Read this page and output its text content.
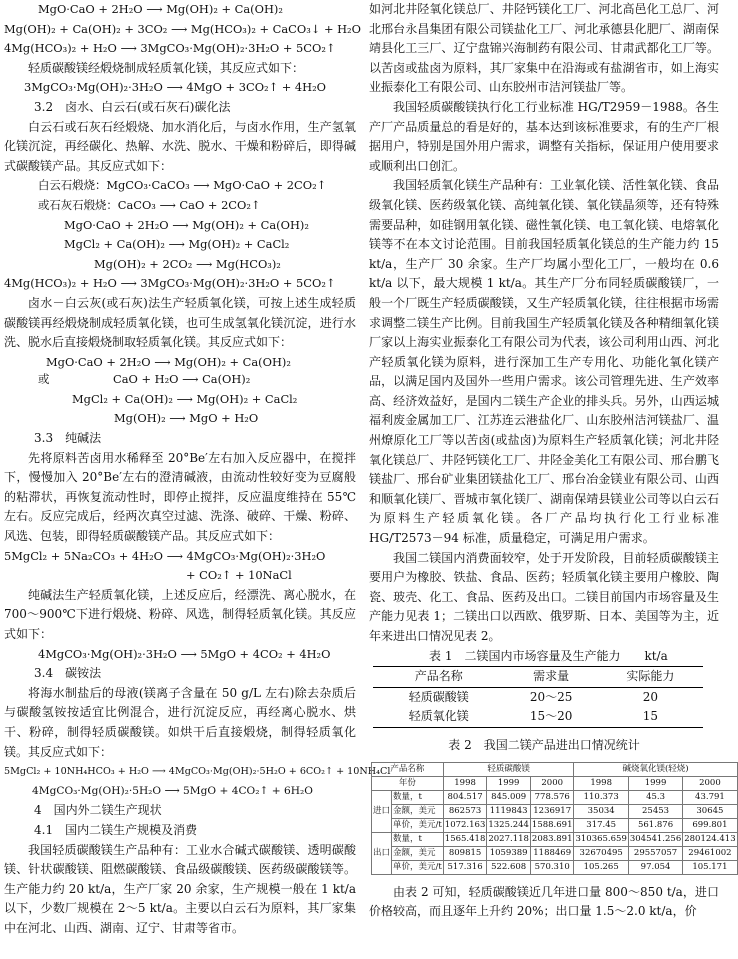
MgO·CaO + 2H₂O ⟶ Mg(OH)₂ + Ca(OH)₂

Mg(OH)₂ + Ca(OH)₂ + 3CO₂ ⟶ Mg(HCO₃)₂ + CaCO₃↓ + H₂O

4Mg(HCO₃)₂ + H₂O ⟶ 3MgCO₃·Mg(OH)₂·3H₂O + 5CO₂↑

轻质碳酸镁经煅烧制成轻质氧化镁，其反应式如下：

3MgCO₃·Mg(OH)₂·3H₂O ⟶ 4MgO + 3CO₂↑ + 4H₂O

3.2　卤水、白云石(或石灰石)碳化法

白云石或石灰石经煅烧、加水消化后，与卤水作用，生产氢氧化镁沉淀，再经碳化、热解、水洗、脱水、干燥和粉碎后，即得碱式碳酸镁产品。其反应式如下：

白云石煅烧：MgCO₃·CaCO₃ ⟶ MgO·CaO + 2CO₂↑

或石灰石煅烧：CaCO₃ ⟶ CaO + 2CO₂↑

MgO·CaO + 2H₂O ⟶ Mg(OH)₂ + Ca(OH)₂

MgCl₂ + Ca(OH)₂ ⟶ Mg(OH)₂ + CaCl₂

Mg(OH)₂ + 2CO₂ ⟶ Mg(HCO₃)₂

4Mg(HCO₃)₂ + H₂O ⟶ 3MgCO₃·Mg(OH)₂·3H₂O + 5CO₂↑

卤水－白云灰(或石灰)法生产轻质氧化镁，可按上述生成轻质碳酸镁再经煅烧制成轻质氧化镁，也可生成氢氧化镁沉淀，进行水洗、脱水后直接煅烧制取轻质氧化镁。其反应式如下：

MgO·CaO + 2H₂O ⟶ Mg(OH)₂ + Ca(OH)₂

或	CaO + H₂O ⟶ Ca(OH)₂

MgCl₂ + Ca(OH)₂ ⟶ Mg(OH)₂ + CaCl₂

Mg(OH)₂ ⟶ MgO + H₂O

3.3　纯碱法

先将原料苦卤用水稀释至 20°Be′左右加入反应器中，在搅拌下，慢慢加入 20°Be′左右的澄清碱液，由流动性较好变为豆腐般的粘滞状，再恢复流动性时，即停止搅拌，反应温度维持在 55℃左右。反应完成后，经两次真空过滤、洗涤、破碎、干燥、粉碎、风选、包装，即得轻质碳酸镁产品。其反应式如下：

5MgCl₂ + 5Na₂CO₃ + 4H₂O ⟶ 4MgCO₃·Mg(OH)₂·3H₂O

+ CO₂↑ + 10NaCl

纯碱法生产轻质氧化镁，上述反应后，经漂洗、离心脱水，在 700～900℃下进行煅烧、粉碎、风选，制得轻质氧化镁。其反应式如下：

4MgCO₃·Mg(OH)₂·3H₂O ⟶ 5MgO + 4CO₂ + 4H₂O

3.4　碳铵法

将海水制盐后的母液(镁离子含量在 50 g/L 左右)除去杂质后与碳酸氢铵按适宜比例混合，进行沉淀反应，再经离心脱水、烘干、粉碎，制得轻质碳酸镁。如烘干后直接煅烧，制得轻质氧化镁。其反应式如下：

5MgCl₂ + 10NH₄HCO₃ + H₂O ⟶ 4MgCO₃·Mg(OH)₂·5H₂O + 6CO₂↑ + 10NH₄Cl

4MgCO₃·Mg(OH)₂·5H₂O ⟶ 5MgO + 4CO₂↑ + 6H₂O

4　国内外二镁生产现状

4.1　国内二镁生产规模及消费

我国轻质碳酸镁生产品种有：工业水合碱式碳酸镁、透明碳酸镁、针状碳酸镁、阻燃碳酸镁、食品级碳酸镁、医药级碳酸镁等。生产能力约 20 kt/a，生产厂家 20 余家，生产规模一般在 1 kt/a 以下，少数厂规模在 2～5 kt/a。主要以白云石为原料，其厂家集中在河北、山西、湖南、辽宁、甘肃等省市。

如河北井陉氧化镁总厂、井陉钙镁化工厂、河北高邑化工总厂、河北邢台永昌集团有限公司镁盐化工厂、河北承德县化肥厂、湖南保靖县化工三厂、辽宁盘锦兴海制药有限公司、甘肃武都化工厂等。以苦卤或盐卤为原料，其厂家集中在沿海或有盐湖省市，如上海实业振泰化工有限公司、山东胶州市洁河镁盐厂等。

我国轻质碳酸镁执行化工行业标准 HG/T2959－1988。各生产厂产品质量总的看是好的，基本达到该标准要求，有的生产厂根据用户，特别是国外用户需求，调整有关指标，保证用户使用要求或顺利出口创汇。

我国轻质氧化镁生产品种有：工业氧化镁、活性氧化镁、食品级氧化镁、医药级氧化镁、高纯氧化镁、氧化镁晶须等，还有特殊需要品种，如硅钢用氧化镁、磁性氧化镁、电工氧化镁、电熔氧化镁等不在本文讨论范围。目前我国轻质氧化镁总的生产能力约 15 kt/a，生产厂 30 余家。生产厂均属小型化工厂，一般均在 0.6 kt/a 以下，最大规模 1 kt/a。其生产厂分布同轻质碳酸镁厂，一般一个厂既生产轻质碳酸镁，又生产轻质氧化镁，往往根据市场需求调整二镁生产比例。目前我国生产轻质氧化镁及各种精细氧化镁厂家以上海实业振泰化工有限公司为代表，该公司利用山西、河北产轻质氧化镁为原料，进行深加工生产专用化、功能化氧化镁产品，以满足国内及国外一些用户需求。该公司管理先进、生产效率高、经济效益好，是国内二镁生产企业的排头兵。另外，山西运城福利废金属加工厂、江苏连云港盐化厂、山东胶州洁河镁盐厂、温州燎原化工厂等以苦卤(或盐卤)为原料生产轻质氧化镁；河北井陉氧化镁总厂、井陉钙镁化工厂、井陉金美化工有限公司、邢台鹏飞镁盐厂、邢台矿业集团镁盐化工厂、邢台冶金镁业有限公司、山西和顺氧化镁厂、晋城市氧化镁厂、湖南保靖县镁业公司等以白云石为原料生产轻质氧化镁。各厂产品均执行化工行业标准 HG/T2573－94 标准，质量稳定，可满足用户需求。

我国二镁国内消费面较窄，处于开发阶段，目前轻质碳酸镁主要用户为橡胶、铁盐、食品、医药；轻质氧化镁主要用户橡胶、陶瓷、玻壳、化工、食品、医药及出口。二镁目前国内市场容量及生产能力见表 1；二镁出口以西欧、俄罗斯、日本、美国等为主，近年来进出口情况见表 2。

表 1　二镁国内市场容量及生产能力　　kt/a

产品名称	需求量	实际能力
轻质碳酸镁	20～25	20
轻质氧化镁	15～20	15

表 2　我国二镁产品进出口情况统计

产品名称		轻质碳酸镁			碱烧氧化镁(轻烧)		
年份		1998	1999	2000	1998	1999	2000
进口	数量，t	804.517	845.009	778.576	110.373	45.3	43.791
	金额，美元	862573	1119843	1236917	35034	25453	30645
	单价，美元/t	1072.163	1325.244	1588.691	317.45	561.876	699.801
出口	数量，t	1565.418	2027.118	2083.891	310365.659	304541.256	280124.413
	金额，美元	809815	1059389	1188469	32670495	29557057	29461002
	单价，美元/t	517.316	522.608	570.310	105.265	97.054	105.171

由表 2 可知，轻质碳酸镁近几年进口量 800～850 t/a，进口价格较高，而且逐年上升约 20%；出口量 1.5～2.0 kt/a，价
